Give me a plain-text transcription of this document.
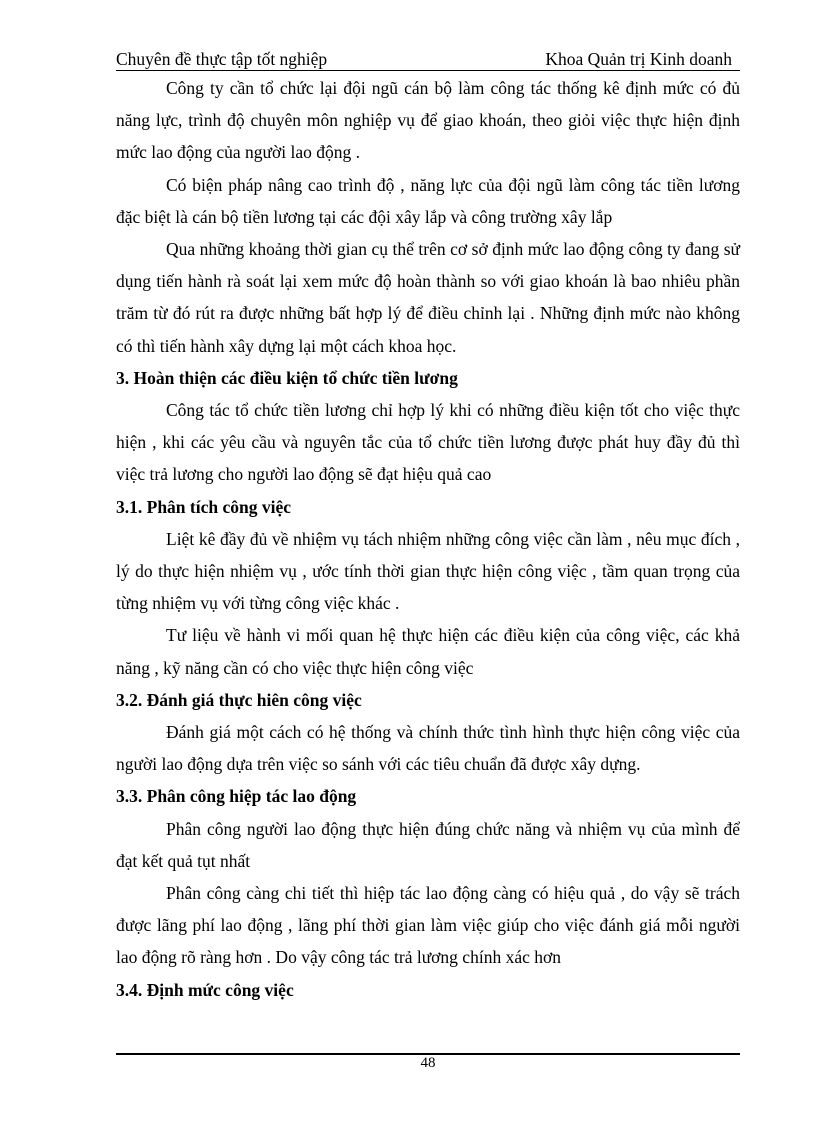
Chuyên đề thực tập tốt nghiệp	Khoa Quản trị Kinh doanh

Công ty cần tổ chức lại đội ngũ cán bộ làm công tác thống kê định mức có đủ năng lực, trình độ chuyên môn nghiệp vụ để giao khoán, theo giỏi việc thực hiện định mức lao động của người lao động .

Có biện pháp nâng cao trình độ , năng lực của đội ngũ làm công tác tiền lương đặc biệt là cán bộ tiền lương tại các đội xây lắp và công trường xây lắp

Qua những khoảng thời gian cụ thể trên cơ sở định mức lao động công ty đang sử dụng tiến hành rà soát lại xem mức độ hoàn thành so với giao khoán là bao nhiêu phần trăm từ đó rút ra được những bất hợp lý để điều chỉnh lại . Những định mức nào không có thì tiến hành xây dựng lại một cách khoa học.

3. Hoàn thiện các điều kiện tổ chức tiền lương

Công tác tổ chức tiền lương chỉ hợp lý khi có những điều kiện tốt cho việc thực hiện , khi các yêu cầu và nguyên tắc của tổ chức tiền lương được phát huy đầy đủ thì việc trả lương cho người lao động sẽ đạt hiệu quả cao

3.1. Phân tích công việc

Liệt kê đầy đủ về nhiệm vụ tách nhiệm những công việc cần làm , nêu mục đích , lý do thực hiện nhiệm vụ , ước tính thời gian thực hiện công việc , tầm quan trọng của từng nhiệm vụ với từng công việc khác .

Tư liệu về hành vi mối quan hệ thực hiện các điều kiện của công việc, các khả năng , kỹ năng cần có cho việc thực hiện công việc

3.2. Đánh giá thực hiên công việc

Đánh giá một cách có hệ thống và chính thức tình hình thực hiện công việc của người lao động dựa trên việc so sánh với các tiêu chuẩn đã được xây dựng.

3.3. Phân công hiệp tác lao động

Phân công người lao động thực hiện đúng chức năng và nhiệm vụ của mình để đạt kết quả tụt nhất

Phân công càng chi tiết thì hiệp tác lao động càng có hiệu quả , do vậy sẽ trách được lãng phí lao động , lãng phí thời gian làm việc giúp cho việc đánh giá mỗi người lao động rõ ràng hơn . Do vậy công tác trả lương chính xác hơn

3.4. Định mức công việc

48
